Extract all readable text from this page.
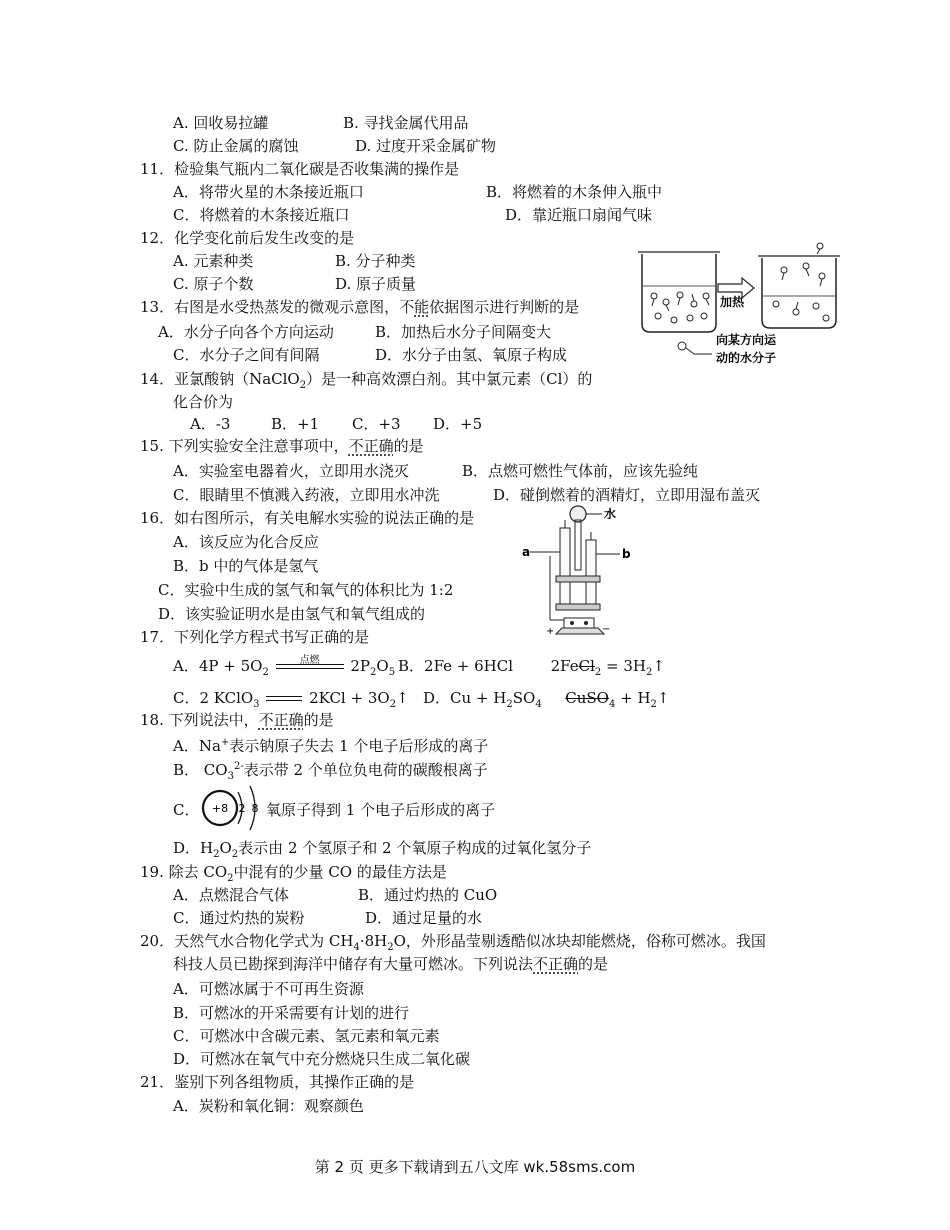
A. 回收易拉罐	B. 寻找金属代用品
C. 防止金属的腐蚀	D. 过度开采金属矿物
11．检验集气瓶内二氧化碳是否收集满的操作是
A．将带火星的木条接近瓶口	B．将燃着的木条伸入瓶中
C．将燃着的木条接近瓶口	D．靠近瓶口扇闻气味
12．化学变化前后发生改变的是
A. 元素种类	B. 分子种类
C. 原子个数	D. 原子质量
13．右图是水受热蒸发的微观示意图，不能依据图示进行判断的是
A．水分子向各个方向运动	B．加热后水分子间隔变大
C．水分子之间有间隔	D．水分子由氢、氧原子构成
加热
向某方向运
动的水分子
14．亚氯酸钠（NaClO$_2$）是一种高效漂白剂。其中氯元素（Cl）的
化合价为
A．-3	B．+1 C．+3 D．+5
15. 下列实验安全注意事项中，不正确的是
A．实验室电器着火，立即用水浇灭	B．点燃可燃性气体前，应该先验纯
C．眼睛里不慎溅入药液，立即用水冲洗	D．碰倒燃着的酒精灯，立即用湿布盖灭
16．如右图所示，有关电解水实验的说法正确的是
A．该反应为化合反应
B．b 中的气体是氢气
C．实验中生成的氢气和氧气的体积比为 1:2
D．该实验证明水是由氢气和氧气组成的
水
a	b
+	−
17．下列化学方程式书写正确的是
A．$4P + 5O_2$
点燃	$2P_2O_5$ B．2Fe + 6HCl	2FeCl$_2$ = $3H_2↑$
C．2 KClO$_3$	$2KCl + 3O_2↑$ D．$Cu + H_2SO_4$ CuSO$_4$ + $H_2↑$
18. 下列说法中，不正确的是
A．Na+表示钠原子失去 1 个电子后形成的离子
B． $CO_3^{2-}$表示带 2 个单位负电荷的碳酸根离子
C． +8 2 8 氧原子得到 1 个电子后形成的离子
D．$H_2O_2$表示由 2 个氢原子和 2 个氧原子构成的过氧化氢分子
19. 除去 $CO_2$中混有的少量 CO 的最佳方法是
A．点燃混合气体	B．通过灼热的 CuO
C．通过灼热的炭粉	D．通过足量的水
20．天然气水合物化学式为 $CH_4\cdot 8H_2O$，外形晶莹剔透酷似冰块却能燃烧，俗称可燃冰。我国
科技人员已勘探到海洋中储存有大量可燃冰。下列说法不正确的是
A．可燃冰属于不可再生资源
B．可燃冰的开采需要有计划的进行
C．可燃冰中含碳元素、氢元素和氧元素
D．可燃冰在氧气中充分燃烧只生成二氧化碳
21．鉴别下列各组物质，其操作正确的是
A．炭粉和氧化铜：观察颜色
第 2 页 更多下载请到五八文库 wk.58sms.com
